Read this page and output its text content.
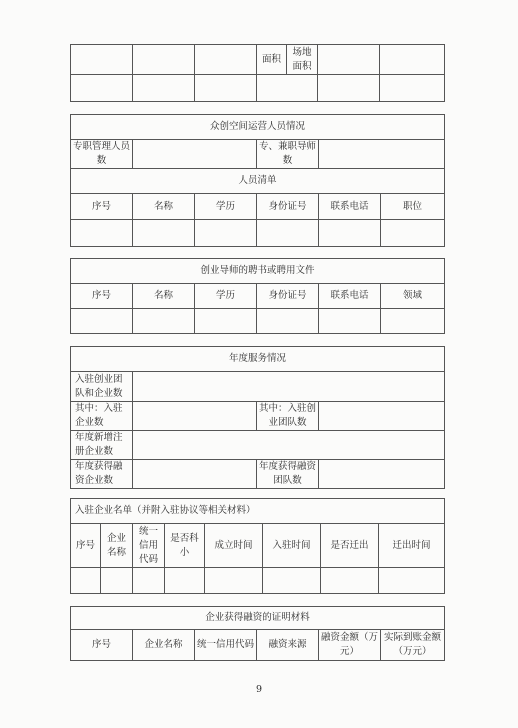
			面积	场地面积		

众创空间运营人员情况					
专职管理人员数			专、兼职导师数		
人员清单					
序号	名称	学历	身份证号	联系电话	职位

创业导师的聘书或聘用文件					
序号	名称	学历	身份证号	联系电话	领域

年度服务情况			
入驻创业团队和企业数			
其中：入驻企业数		其中：入驻创业团队数	
年度新增注册企业数			
年度获得融资企业数		年度获得融资团队数	
入驻企业名单（并附入驻协议等相关材料）							
序号	企业名称	统一信用代码	是否科小	成立时间	入驻时间	是否迁出	迁出时间

企业获得融资的证明材料
序号	企业名称	统一信用代码	融资来源	融资金额（万元）	实际到账金额（万元）
9
